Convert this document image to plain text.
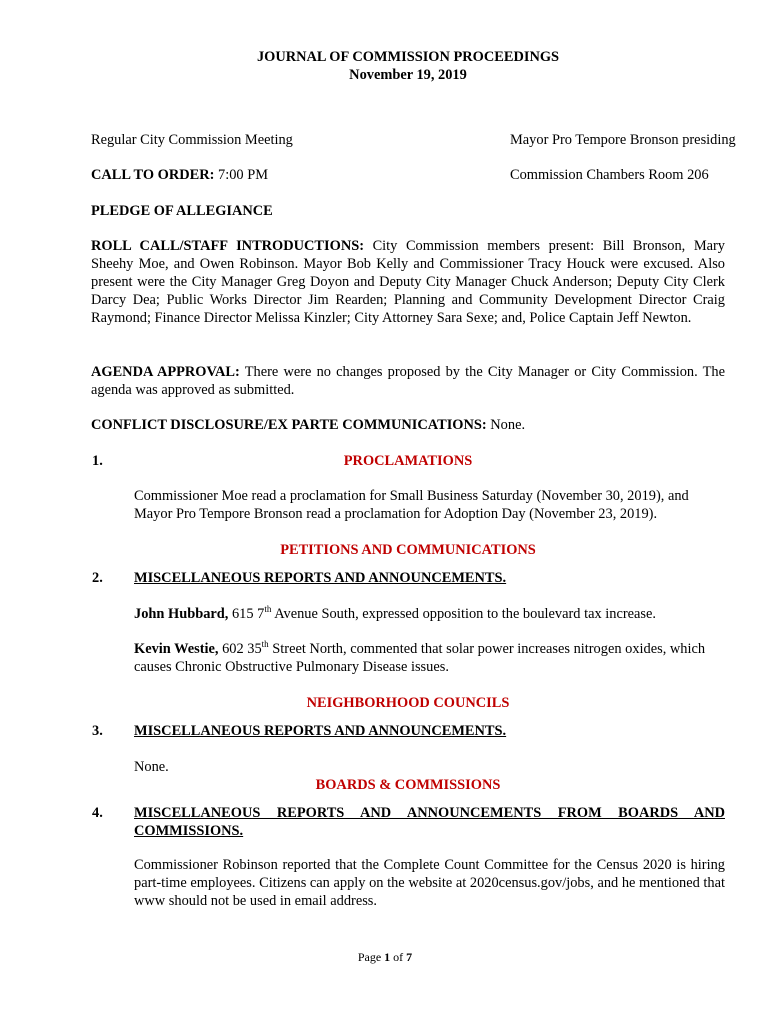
JOURNAL OF COMMISSION PROCEEDINGS
November 19, 2019
Regular City Commission Meeting	Mayor Pro Tempore Bronson presiding
CALL TO ORDER: 7:00 PM	Commission Chambers Room 206
PLEDGE OF ALLEGIANCE
ROLL CALL/STAFF INTRODUCTIONS: City Commission members present: Bill Bronson, Mary Sheehy Moe, and Owen Robinson. Mayor Bob Kelly and Commissioner Tracy Houck were excused. Also present were the City Manager Greg Doyon and Deputy City Manager Chuck Anderson; Deputy City Clerk Darcy Dea; Public Works Director Jim Rearden; Planning and Community Development Director Craig Raymond; Finance Director Melissa Kinzler; City Attorney Sara Sexe; and, Police Captain Jeff Newton.
AGENDA APPROVAL: There were no changes proposed by the City Manager or City Commission. The agenda was approved as submitted.
CONFLICT DISCLOSURE/EX PARTE COMMUNICATIONS: None.
1.	PROCLAMATIONS
Commissioner Moe read a proclamation for Small Business Saturday (November 30, 2019), and Mayor Pro Tempore Bronson read a proclamation for Adoption Day (November 23, 2019).
PETITIONS AND COMMUNICATIONS
2. MISCELLANEOUS REPORTS AND ANNOUNCEMENTS.
John Hubbard, 615 7th Avenue South, expressed opposition to the boulevard tax increase.
Kevin Westie, 602 35th Street North, commented that solar power increases nitrogen oxides, which causes Chronic Obstructive Pulmonary Disease issues.
NEIGHBORHOOD COUNCILS
3. MISCELLANEOUS REPORTS AND ANNOUNCEMENTS.
None.
BOARDS & COMMISSIONS
4. MISCELLANEOUS REPORTS AND ANNOUNCEMENTS FROM BOARDS AND COMMISSIONS.
Commissioner Robinson reported that the Complete Count Committee for the Census 2020 is hiring part-time employees. Citizens can apply on the website at 2020census.gov/jobs, and he mentioned that www should not be used in email address.
Page 1 of 7
